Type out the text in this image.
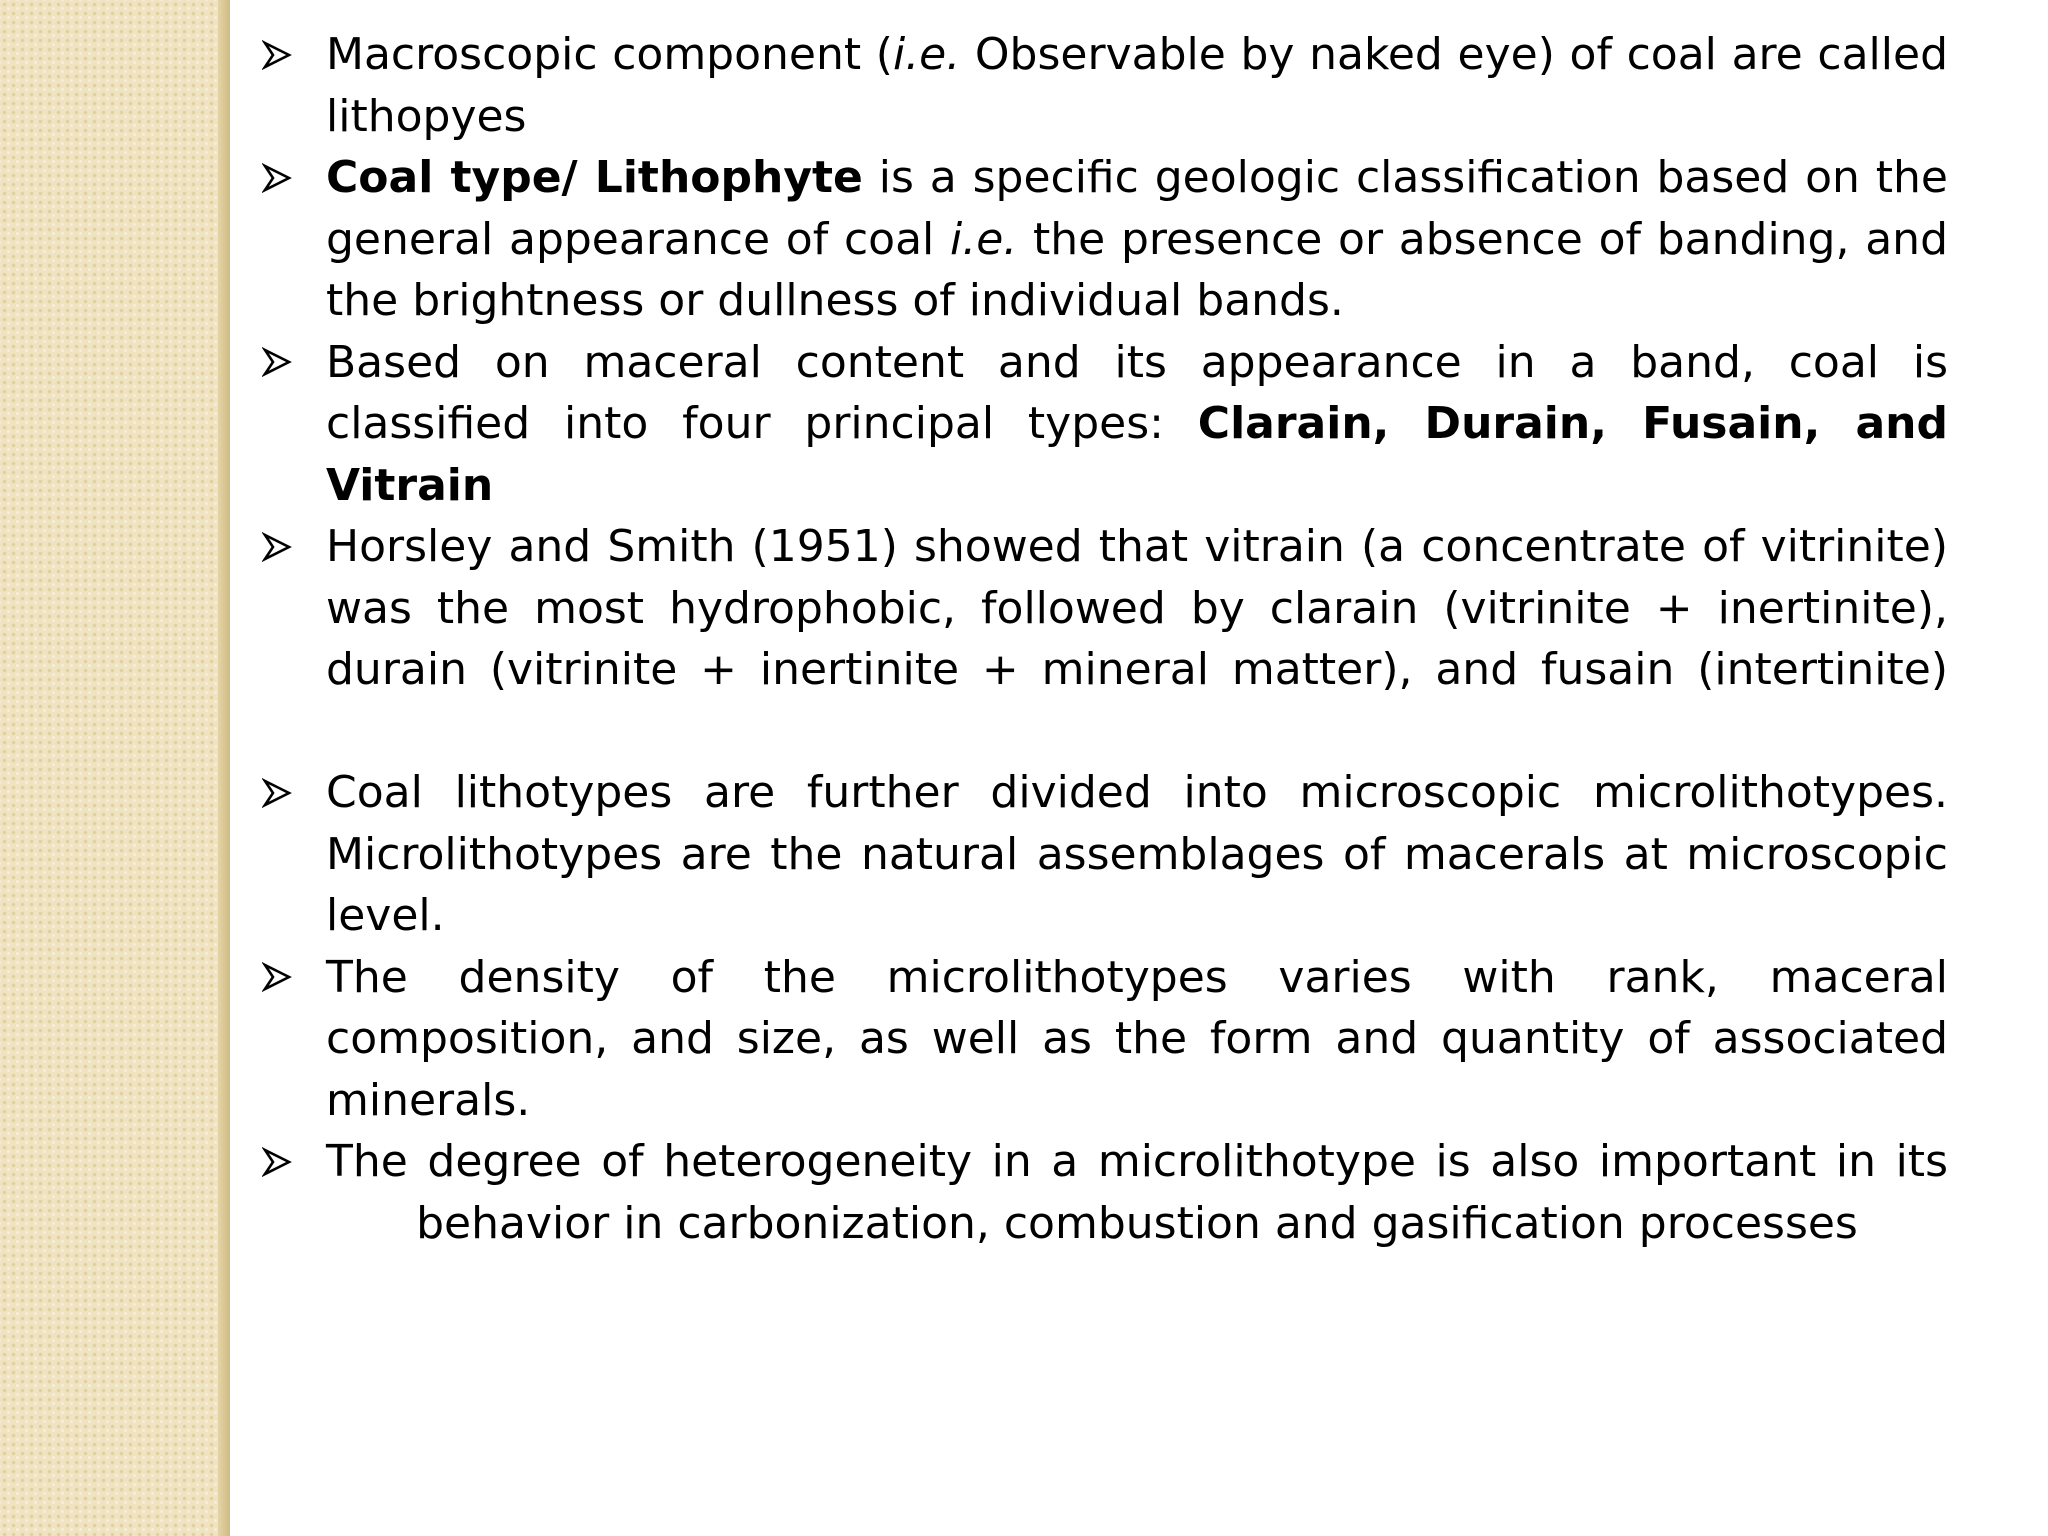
Macroscopic component (i.e. Observable by naked eye) of coal are called lithopyes
Coal type/ Lithophyte is a specific geologic classification based on the general appearance of coal i.e. the presence or absence of banding, and the brightness or dullness of individual bands.
Based on maceral content and its appearance in a band, coal is classified into four principal types: Clarain, Durain, Fusain, and Vitrain
Horsley and Smith (1951) showed that vitrain (a concentrate of vitrinite) was the most hydrophobic, followed by clarain (vitrinite + inertinite), durain (vitrinite + inertinite + mineral matter), and fusain (intertinite)
Coal lithotypes are further divided into microscopic microlithotypes. Microlithotypes are the natural assemblages of macerals at microscopic level.
The density of the microlithotypes varies with rank, maceral composition, and size, as well as the form and quantity of associated minerals.
The degree of heterogeneity in a microlithotype is also important in its behavior in carbonization, combustion and gasification processes
